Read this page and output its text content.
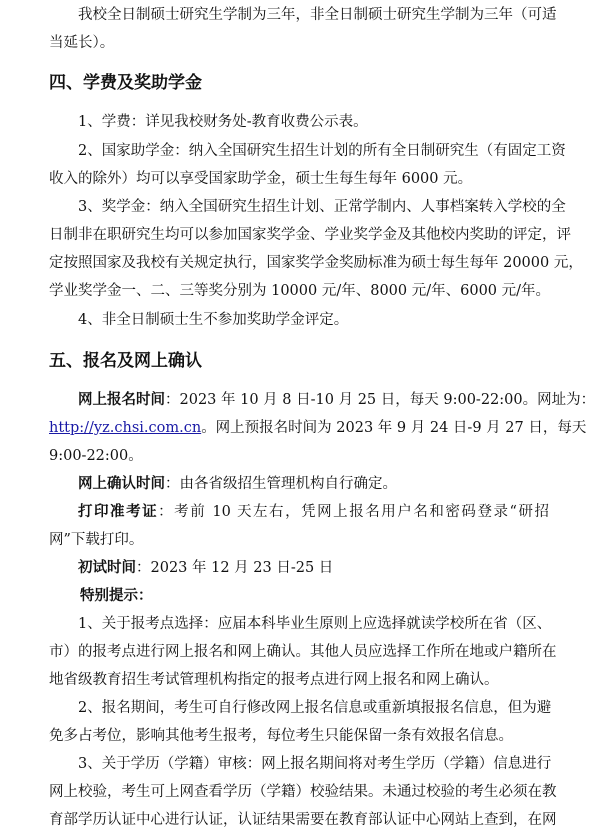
我校全日制硕士研究生学制为三年，非全日制硕士研究生学制为三年（可适
当延长）。
四、学费及奖助学金
1、学费：详见我校财务处-教育收费公示表。
2、国家助学金：纳入全国研究生招生计划的所有全日制研究生（有固定工资
收入的除外）均可以享受国家助学金，硕士生每生每年 6000 元。
3、奖学金：纳入全国研究生招生计划、正常学制内、人事档案转入学校的全
日制非在职研究生均可以参加国家奖学金、学业奖学金及其他校内奖助的评定，评
定按照国家及我校有关规定执行，国家奖学金奖励标准为硕士每生每年 20000 元，
学业奖学金一、二、三等奖分别为 10000 元/年、8000 元/年、6000 元/年。
4、非全日制硕士生不参加奖助学金评定。
五、报名及网上确认
网上报名时间：2023 年 10 月 8 日-10 月 25 日，每天 9:00-22:00。网址为：
http://yz.chsi.com.cn。网上预报名时间为 2023 年 9 月 24 日-9 月 27 日，每天
9:00-22:00。
网上确认时间：由各省级招生管理机构自行确定。
打印准考证：考前 10 天左右，凭网上报名用户名和密码登录“研招
网”下载打印。
初试时间：2023 年 12 月 23 日-25 日
特别提示：
1、关于报考点选择：应届本科毕业生原则上应选择就读学校所在省（区、
市）的报考点进行网上报名和网上确认。其他人员应选择工作所在地或户籍所在
地省级教育招生考试管理机构指定的报考点进行网上报名和网上确认。
2、报名期间，考生可自行修改网上报名信息或重新填报报名信息，但为避
免多占考位，影响其他考生报考，每位考生只能保留一条有效报名信息。
3、关于学历（学籍）审核：网上报名期间将对考生学历（学籍）信息进行
网上校验，考生可上网查看学历（学籍）校验结果。未通过校验的考生必须在教
育部学历认证中心进行认证，认证结果需要在教育部认证中心网站上查到，在网
